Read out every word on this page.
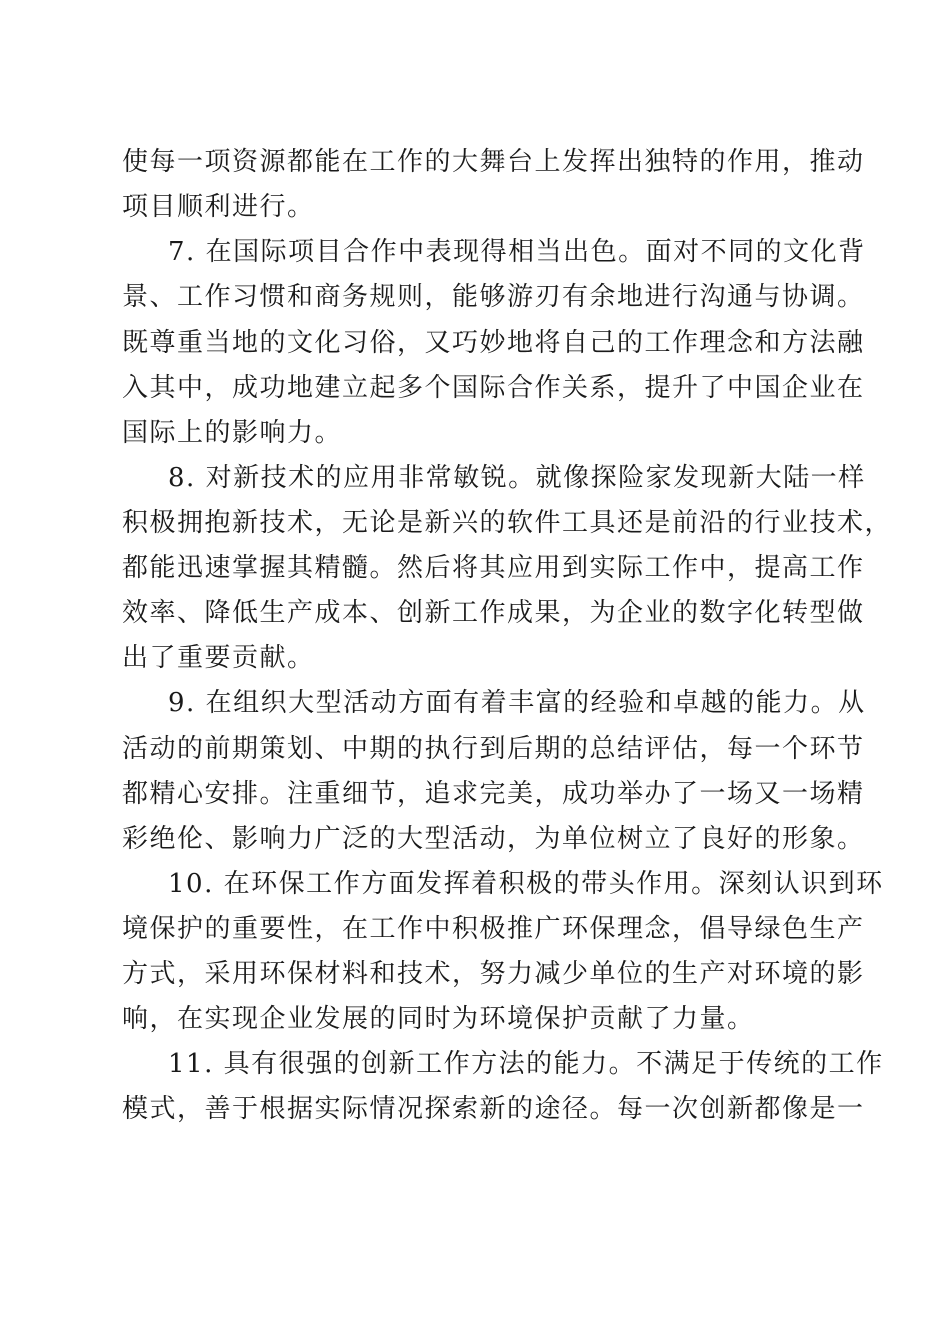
使每一项资源都能在工作的大舞台上发挥出独特的作用，推动
项目顺利进行。
7. 在国际项目合作中表现得相当出色。面对不同的文化背
景、工作习惯和商务规则，能够游刃有余地进行沟通与协调。
既尊重当地的文化习俗，又巧妙地将自己的工作理念和方法融
入其中，成功地建立起多个国际合作关系，提升了中国企业在
国际上的影响力。
8. 对新技术的应用非常敏锐。就像探险家发现新大陆一样
积极拥抱新技术，无论是新兴的软件工具还是前沿的行业技术，
都能迅速掌握其精髓。然后将其应用到实际工作中，提高工作
效率、降低生产成本、创新工作成果，为企业的数字化转型做
出了重要贡献。
9. 在组织大型活动方面有着丰富的经验和卓越的能力。从
活动的前期策划、中期的执行到后期的总结评估，每一个环节
都精心安排。注重细节，追求完美，成功举办了一场又一场精
彩绝伦、影响力广泛的大型活动，为单位树立了良好的形象。
10. 在环保工作方面发挥着积极的带头作用。深刻认识到环
境保护的重要性，在工作中积极推广环保理念，倡导绿色生产
方式，采用环保材料和技术，努力减少单位的生产对环境的影
响，在实现企业发展的同时为环境保护贡献了力量。
11. 具有很强的创新工作方法的能力。不满足于传统的工作
模式，善于根据实际情况探索新的途径。每一次创新都像是一
